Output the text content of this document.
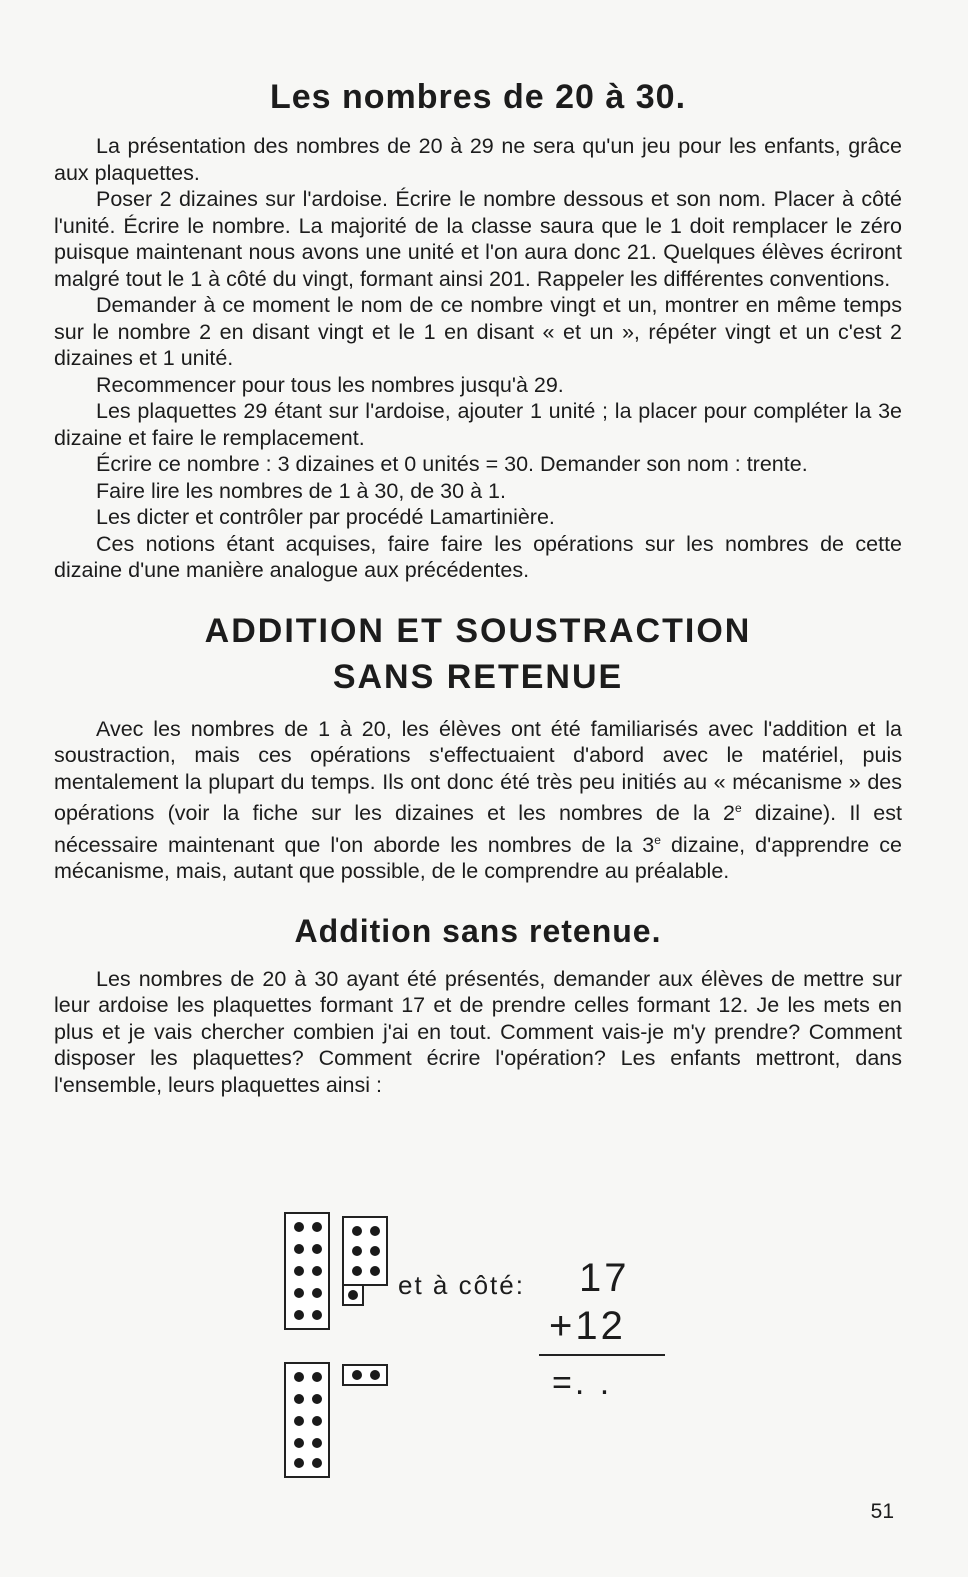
Les nombres de 20 à 30.

La présentation des nombres de 20 à 29 ne sera qu'un jeu pour les enfants, grâce aux plaquettes.

Poser 2 dizaines sur l'ardoise. Écrire le nombre dessous et son nom. Placer à côté l'unité. Écrire le nombre. La majorité de la classe saura que le 1 doit remplacer le zéro puisque maintenant nous avons une unité et l'on aura donc 21. Quelques élèves écriront malgré tout le 1 à côté du vingt, formant ainsi 201. Rappeler les différentes conventions.

Demander à ce moment le nom de ce nombre vingt et un, montrer en même temps sur le nombre 2 en disant vingt et le 1 en disant « et un », répéter vingt et un c'est 2 dizaines et 1 unité.

Recommencer pour tous les nombres jusqu'à 29.

Les plaquettes 29 étant sur l'ardoise, ajouter 1 unité ; la placer pour compléter la 3e dizaine et faire le remplacement.

Écrire ce nombre : 3 dizaines et 0 unités = 30. Demander son nom : trente.

Faire lire les nombres de 1 à 30, de 30 à 1.

Les dicter et contrôler par procédé Lamartinière.

Ces notions étant acquises, faire faire les opérations sur les nombres de cette dizaine d'une manière analogue aux précédentes.

ADDITION ET SOUSTRACTION
SANS RETENUE

Avec les nombres de 1 à 20, les élèves ont été familiarisés avec l'addition et la soustraction, mais ces opérations s'effectuaient d'abord avec le matériel, puis mentalement la plupart du temps. Ils ont donc été très peu initiés au « mécanisme » des opérations (voir la fiche sur les dizaines et les nombres de la 2e dizaine). Il est nécessaire maintenant que l'on aborde les nombres de la 3e dizaine, d'apprendre ce mécanisme, mais, autant que possible, de le comprendre au préalable.

Addition sans retenue.

Les nombres de 20 à 30 ayant été présentés, demander aux élèves de mettre sur leur ardoise les plaquettes formant 17 et de prendre celles formant 12. Je les mets en plus et je vais chercher combien j'ai en tout. Comment vais-je m'y prendre? Comment disposer les plaquettes? Comment écrire l'opération? Les enfants mettront, dans l'ensemble, leurs plaquettes ainsi :

et à côté: 17
+12
=. .
51
